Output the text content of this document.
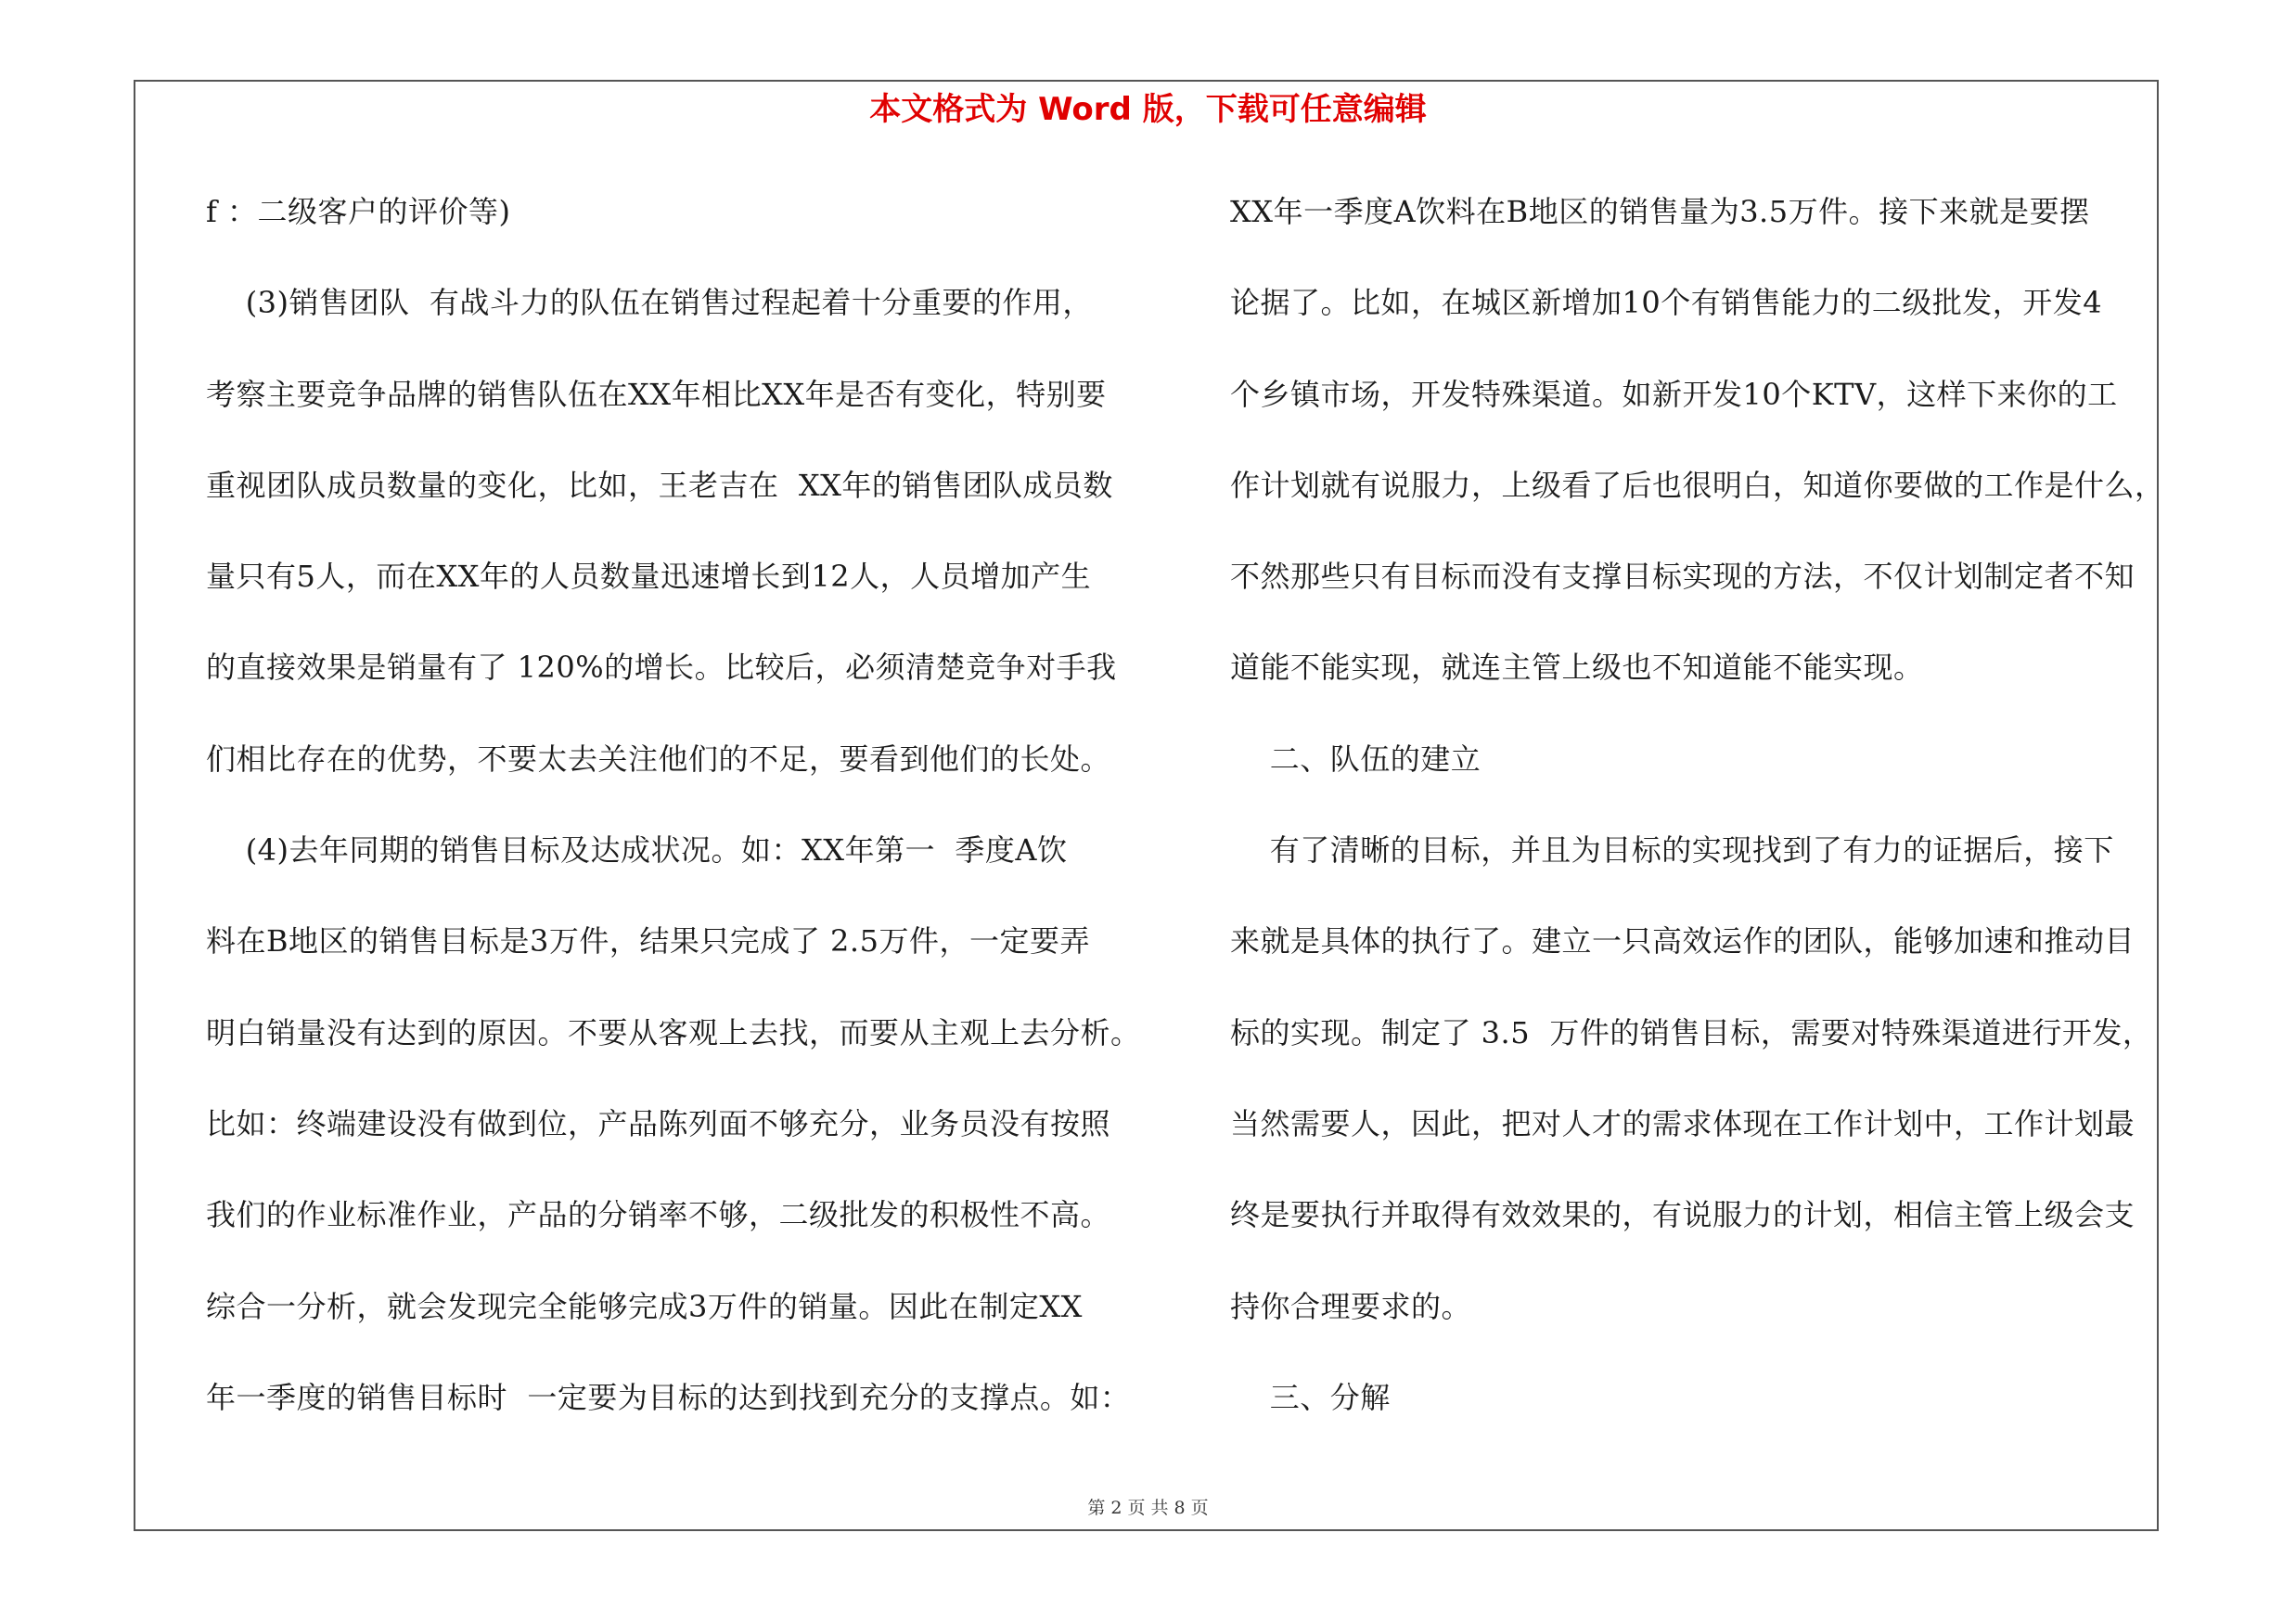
本文格式为 Word 版，下载可任意编辑
f ：二级客户的评价等)
(3)销售团队  有战斗力的队伍在销售过程起着十分重要的作用，
考察主要竞争品牌的销售队伍在XX年相比XX年是否有变化，特别要
重视团队成员数量的变化，比如，王老吉在  XX年的销售团队成员数
量只有5人，而在XX年的人员数量迅速增长到12人，人员增加产生
的直接效果是销量有了 120%的增长。比较后，必须清楚竞争对手我
们相比存在的优势，不要太去关注他们的不足，要看到他们的长处。
(4)去年同期的销售目标及达成状况。如：XX年第一  季度A饮
料在B地区的销售目标是3万件，结果只完成了 2.5万件，一定要弄
明白销量没有达到的原因。不要从客观上去找，而要从主观上去分析。
比如：终端建设没有做到位，产品陈列面不够充分，业务员没有按照
我们的作业标准作业，产品的分销率不够，二级批发的积极性不高。
综合一分析，就会发现完全能够完成3万件的销量。因此在制定XX
年一季度的销售目标时  一定要为目标的达到找到充分的支撑点。如：
XX年一季度A饮料在B地区的销售量为3.5万件。接下来就是要摆
论据了。比如，在城区新增加10个有销售能力的二级批发，开发4
个乡镇市场，开发特殊渠道。如新开发10个KTV，这样下来你的工
作计划就有说服力，上级看了后也很明白，知道你要做的工作是什么，
不然那些只有目标而没有支撑目标实现的方法，不仅计划制定者不知
道能不能实现，就连主管上级也不知道能不能实现。
二、队伍的建立
有了清晰的目标，并且为目标的实现找到了有力的证据后，接下
来就是具体的执行了。建立一只高效运作的团队，能够加速和推动目
标的实现。制定了 3.5  万件的销售目标，需要对特殊渠道进行开发，
当然需要人，因此，把对人才的需求体现在工作计划中，工作计划最
终是要执行并取得有效效果的，有说服力的计划，相信主管上级会支
持你合理要求的。
三、分解
第 2 页 共 8 页
